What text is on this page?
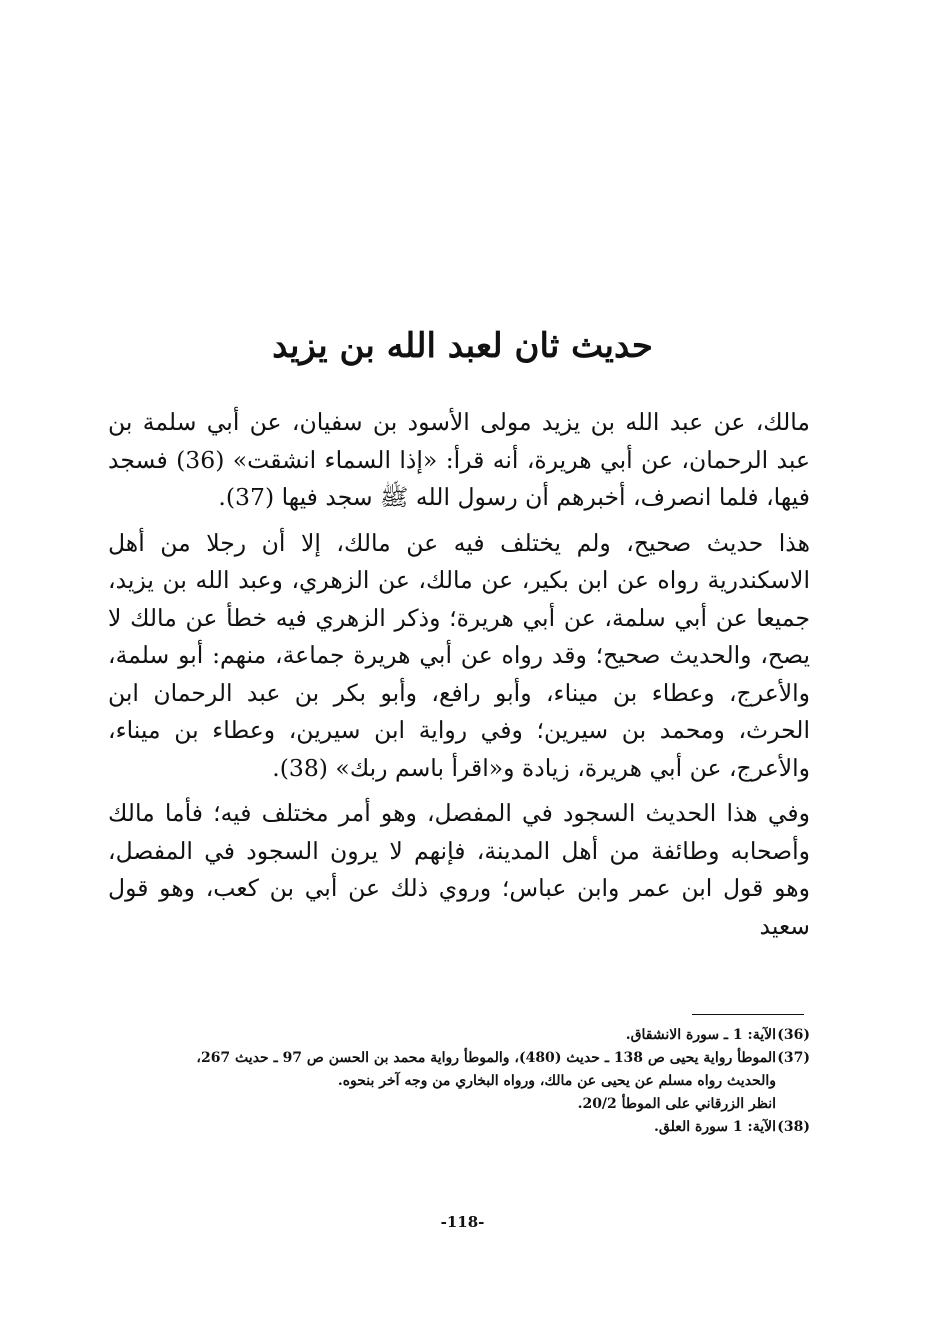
حديث ثان لعبد الله بن يزيد

مالك، عن عبد الله بن يزيد مولى الأسود بن سفيان، عن أبي سلمة بن عبد الرحمان، عن أبي هريرة، أنه قرأ: «إذا السماء انشقت» (36) فسجد فيها، فلما انصرف، أخبرهم أن رسول الله ﷺ سجد فيها (37).

هذا حديث صحيح، ولم يختلف فيه عن مالك، إلا أن رجلا من أهل الاسكندرية رواه عن ابن بكير، عن مالك، عن الزهري، وعبد الله بن يزيد، جميعا عن أبي سلمة، عن أبي هريرة؛ وذكر الزهري فيه خطأ عن مالك لا يصح، والحديث صحيح؛ وقد رواه عن أبي هريرة جماعة، منهم: أبو سلمة، والأعرج، وعطاء بن ميناء، وأبو رافع، وأبو بكر بن عبد الرحمان ابن الحرث، ومحمد بن سيرين؛ وفي رواية ابن سيرين، وعطاء بن ميناء، والأعرج، عن أبي هريرة، زيادة و«اقرأ باسم ربك» (38).

وفي هذا الحديث السجود في المفصل، وهو أمر مختلف فيه؛ فأما مالك وأصحابه وطائفة من أهل المدينة، فإنهم لا يرون السجود في المفصل، وهو قول ابن عمر وابن عباس؛ وروي ذلك عن أبي بن كعب، وهو قول سعيد

(36)
الآية: 1 ـ سورة الانشقاق.
(37)
الموطأ رواية يحيى ص 138 ـ حديث (480)، والموطأ رواية محمد بن الحسن ص 97 ـ حديث 267،
والحديث رواه مسلم عن يحيى عن مالك، ورواه البخاري من وجه آخر بنحوه.
انظر الزرقاني على الموطأ 20/2.
(38)
الآية: 1 سورة العلق.
-118-
